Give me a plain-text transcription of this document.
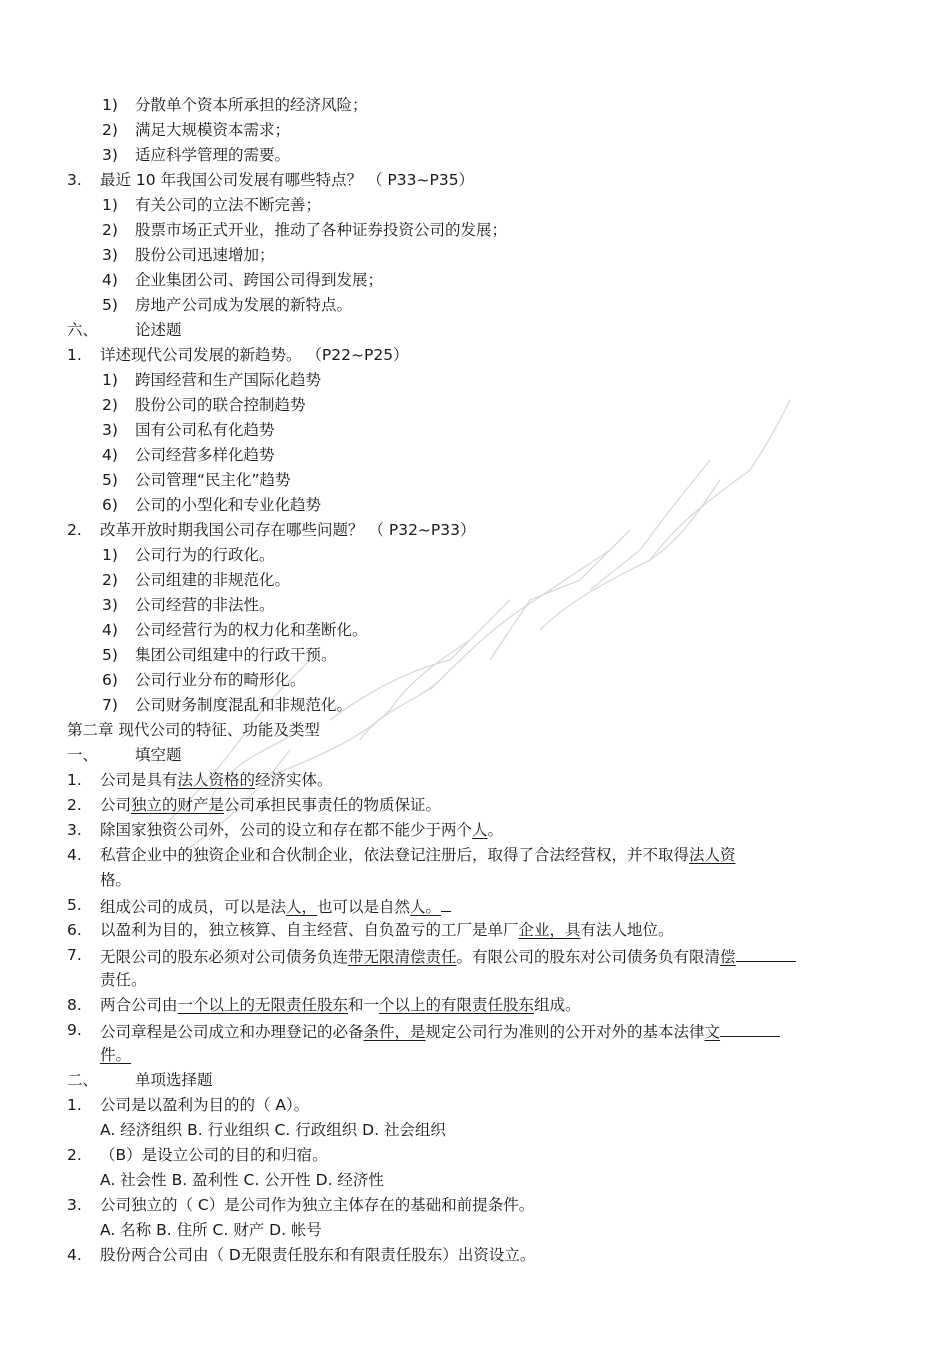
1) 分散单个资本所承担的经济风险；
2) 满足大规模资本需求；
3) 适应科学管理的需要。
3. 最近 10 年我国公司发展有哪些特点？ （ P33~P35）
1) 有关公司的立法不断完善；
2) 股票市场正式开业，推动了各种证券投资公司的发展；
3) 股份公司迅速增加；
4) 企业集团公司、跨国公司得到发展；
5) 房地产公司成为发展的新特点。
六、 论述题
1. 详述现代公司发展的新趋势。 （P22~P25）
1) 跨国经营和生产国际化趋势
2) 股份公司的联合控制趋势
3) 国有公司私有化趋势
4) 公司经营多样化趋势
5) 公司管理“民主化”趋势
6) 公司的小型化和专业化趋势
2. 改革开放时期我国公司存在哪些问题？ （ P32~P33）
1) 公司行为的行政化。
2) 公司组建的非规范化。
3) 公司经营的非法性。
4) 公司经营行为的权力化和垄断化。
5) 集团公司组建中的行政干预。
6) 公司行业分布的畸形化。
7) 公司财务制度混乱和非规范化。
第二章 现代公司的特征、功能及类型
一、 填空题
1. 公司是具有法人资格的经济实体。
2. 公司独立的财产是公司承担民事责任的物质保证。
3. 除国家独资公司外，公司的设立和存在都不能少于两个人。
4. 私营企业中的独资企业和合伙制企业，依法登记注册后，取得了合法经营权，并不取得法人资
格。
5. 组成公司的成员，可以是法人，也可以是自然人。
6. 以盈利为目的，独立核算、自主经营、自负盈亏的工厂是单厂企业，具有法人地位。
7. 无限公司的股东必须对公司债务负连带无限清偿责任。有限公司的股东对公司债务负有限清偿
责任。
8. 两合公司由一个以上的无限责任股东和一个以上的有限责任股东组成。
9. 公司章程是公司成立和办理登记的必备条件，是规定公司行为准则的公开对外的基本法律文
件。
二、 单项选择题
1. 公司是以盈利为目的的（ A）。
A. 经济组织 B. 行业组织 C. 行政组织 D. 社会组织
2. （B）是设立公司的目的和归宿。
A. 社会性 B. 盈利性 C. 公开性 D. 经济性
3. 公司独立的（ C）是公司作为独立主体存在的基础和前提条件。
A. 名称 B. 住所 C. 财产 D. 帐号
4. 股份两合公司由（ D无限责任股东和有限责任股东）出资设立。
